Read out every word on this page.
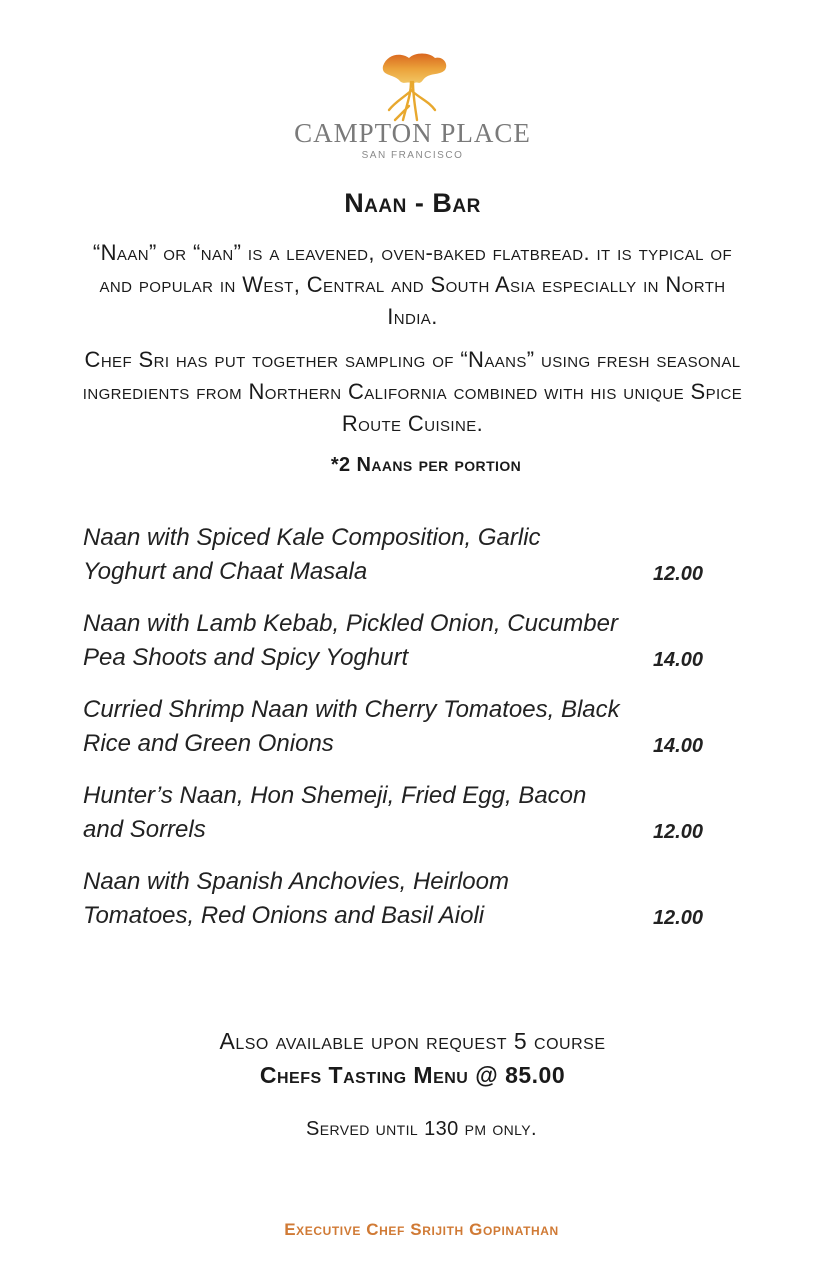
CAMPTON PLACE
SAN FRANCISCO
Naan - Bar
“Naan” or “nan” is a leavened, oven-baked flatbread. it is typical of and popular in West, Central and South Asia especially in North India.
Chef Sri has put together sampling of “Naans” using fresh seasonal ingredients from Northern California combined with his unique Spice Route Cuisine.
*2 Naans per portion
Naan with Spiced Kale Composition, Garlic Yoghurt and Chaat Masala	12.00
Naan with Lamb Kebab, Pickled Onion, Cucumber Pea Shoots and Spicy Yoghurt	14.00
Curried Shrimp Naan with Cherry Tomatoes, Black Rice and Green Onions	14.00
Hunter’s Naan, Hon Shemeji, Fried Egg, Bacon and Sorrels	12.00
Naan with Spanish Anchovies, Heirloom Tomatoes, Red Onions and Basil Aioli	12.00
Also available upon request 5 course
Chefs Tasting Menu @ 85.00
Served until 130 pm only.
Executive Chef Srijith Gopinathan
